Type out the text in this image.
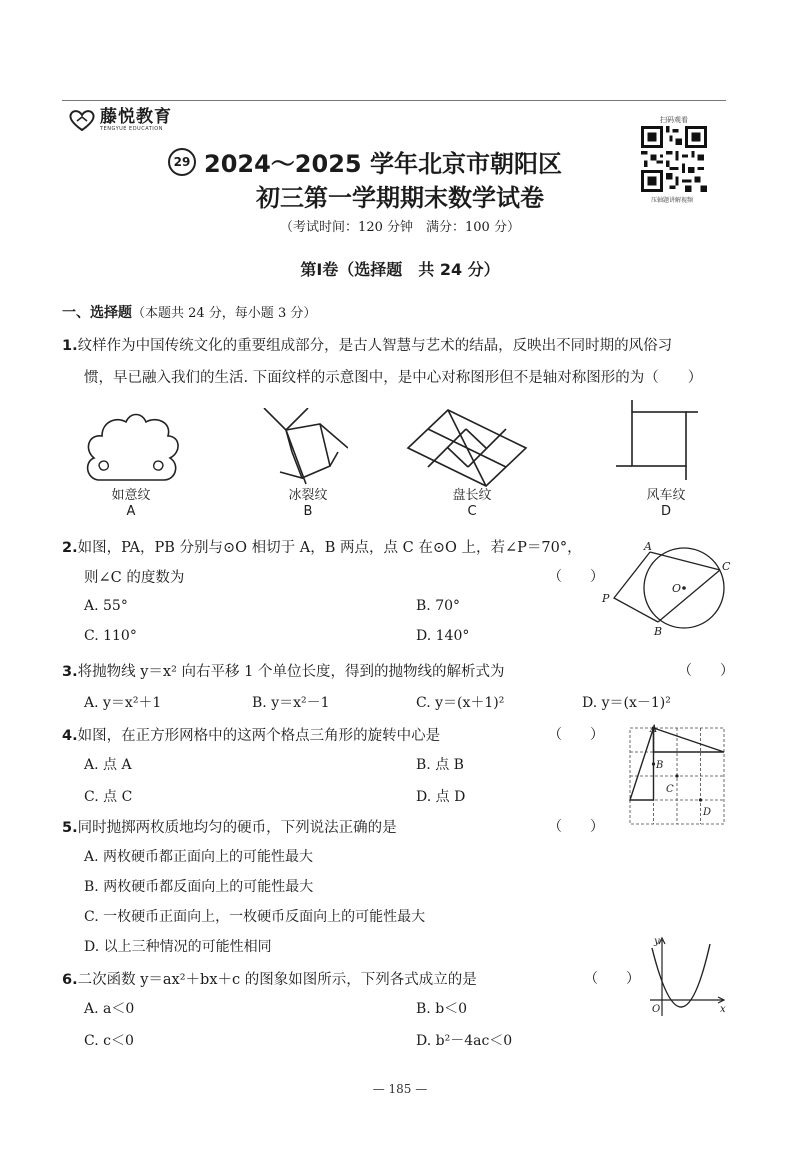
藤悦教育
TENGYUE EDUCATION
扫码观看
压轴题讲解视频
29 2024～2025 学年北京市朝阳区
初三第一学期期末数学试卷
（考试时间：120 分钟　满分：100 分）
第Ⅰ卷（选择题　共 24 分）
一、选择题（本题共 24 分，每小题 3 分）
1.纹样作为中国传统文化的重要组成部分，是古人智慧与艺术的结晶，反映出不同时期的风俗习
惯，早已融入我们的生活. 下面纹样的示意图中，是中心对称图形但不是轴对称图形的为（　　）
如意纹
A
冰裂纹
B
盘长纹
C
风车纹
D
2.如图，PA，PB 分别与⊙O 相切于 A，B 两点，点 C 在⊙O 上，若∠P＝70°，
则∠C 的度数为	（　　）
A. 55°	B. 70°
C. 110°	D. 140°
A
C
O
P
B
3.将抛物线 y＝x² 向右平移 1 个单位长度，得到的抛物线的解析式为	（　　）
A. y＝x²＋1	B. y＝x²－1	C. y＝(x＋1)²	D. y＝(x－1)²
4.如图，在正方形网格中的这两个格点三角形的旋转中心是	（　　）
A. 点 A	B. 点 B
C. 点 C	D. 点 D
A
B
C
D
5.同时抛掷两枚质地均匀的硬币，下列说法正确的是	（　　）
A. 两枚硬币都正面向上的可能性最大
B. 两枚硬币都反面向上的可能性最大
C. 一枚硬币正面向上，一枚硬币反面向上的可能性最大
D. 以上三种情况的可能性相同
6.二次函数 y＝ax²＋bx＋c 的图象如图所示，下列各式成立的是	（　　）
A. a＜0	B. b＜0
C. c＜0	D. b²－4ac＜0
y
O	x
— 185 —
